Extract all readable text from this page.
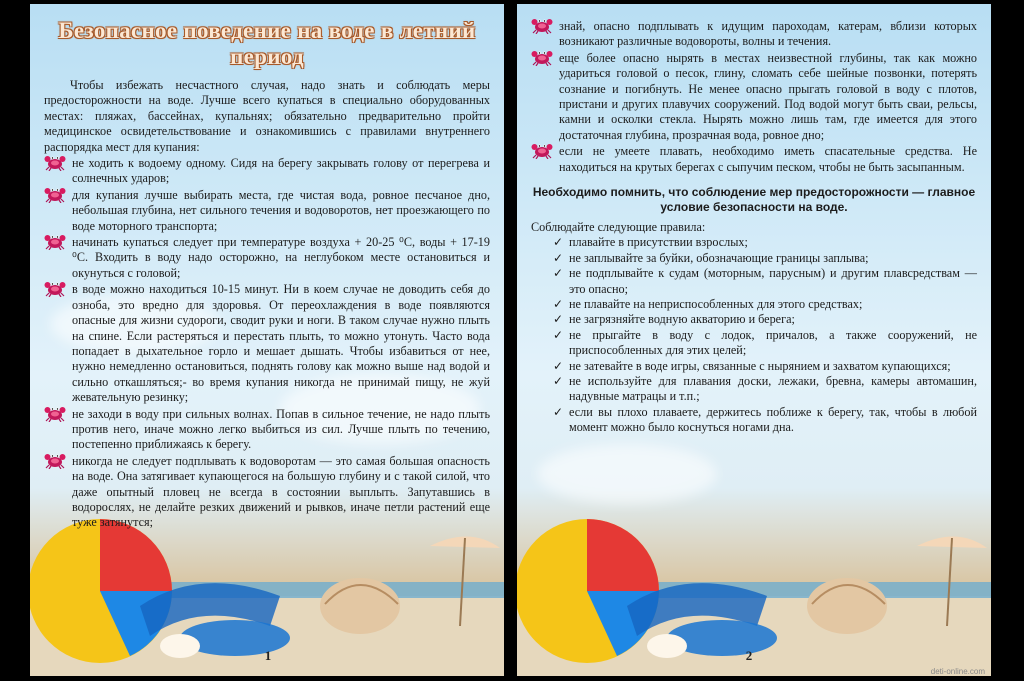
Безопасное поведение на воде в летний период

Чтобы избежать несчастного случая, надо знать и соблюдать меры предосторожности на воде. Лучше всего купаться в специально оборудованных местах: пляжах, бассейнах, купальнях; обязательно предварительно пройти медицинское освидетельствование и ознакомившись с правилами внутреннего распорядка мест для купания:

не ходить к водоему одному. Сидя на берегу закрывать голову от перегрева и солнечных ударов;

для купания лучше выбирать места, где чистая вода, ровное песчаное дно, небольшая глубина, нет сильного течения и водоворотов, нет проезжающего по воде моторного транспорта;

начинать купаться следует при температуре воздуха + 20-25 ⁰С, воды + 17-19 ⁰С. Входить в воду надо осторожно, на неглубоком месте остановиться и окунуться с головой;

в воде можно находиться 10-15 минут. Ни в коем случае не доводить себя до озноба, это вредно для здоровья. От переохлаждения в воде появляются опасные для жизни судороги, сводит руки и ноги. В таком случае нужно плыть на спине. Если растеряться и перестать плыть, то можно утонуть. Часто вода попадает в дыхательное горло и мешает дышать. Чтобы избавиться от нее, нужно немедленно остановиться, поднять голову как можно выше над водой и сильно откашляться;- во время купания никогда не принимай пищу, не жуй жевательную резинку;

не заходи в воду при сильных волнах. Попав в сильное течение, не надо плыть против него, иначе можно легко выбиться из сил. Лучше плыть по течению, постепенно приближаясь к берегу.

никогда не следует подплывать к водоворотам — это самая большая опасность на воде. Она затягивает купающегося на большую глубину и с такой силой, что даже опытный пловец не всегда в состоянии выплыть. Запутавшись в водорослях, не делайте резких движений и рывков, иначе петли растений еще туже затянутся;

1

знай, опасно подплывать к идущим пароходам, катерам, вблизи которых возникают различные водовороты, волны и течения.

еще более опасно нырять в местах неизвестной глубины, так как можно удариться головой о песок, глину, сломать себе шейные позвонки, потерять сознание и погибнуть. Не менее опасно прыгать головой в воду с плотов, пристани и других плавучих сооружений. Под водой могут быть сваи, рельсы, камни и осколки стекла. Нырять можно лишь там, где имеется для этого достаточная глубина, прозрачная вода, ровное дно;

если не умеете плавать, необходимо иметь спасательные средства. Не находиться на крутых берегах с сыпучим песком, чтобы не быть засыпанным.

Необходимо помнить, что соблюдение мер предосторожности — главное условие безопасности на воде.

Соблюдайте следующие правила:

✓ плавайте в присутствии взрослых;

✓ не заплывайте за буйки, обозначающие границы заплыва;

✓ не подплывайте к судам (моторным, парусным) и другим плавсредствам — это опасно;

✓ не плавайте на неприспособленных для этого средствах;

✓ не загрязняйте водную акваторию и берега;

✓ не прыгайте в воду с лодок, причалов, а также сооружений, не приспособленных для этих целей;

✓ не затевайте в воде игры, связанные с нырянием и захватом купающихся;

✓ не используйте для плавания доски, лежаки, бревна, камеры автомашин, надувные матрацы и т.п.;

✓ если вы плохо плаваете, держитесь поближе к берегу, так, чтобы в любой момент можно было коснуться ногами дна.

2
deti-online.com
